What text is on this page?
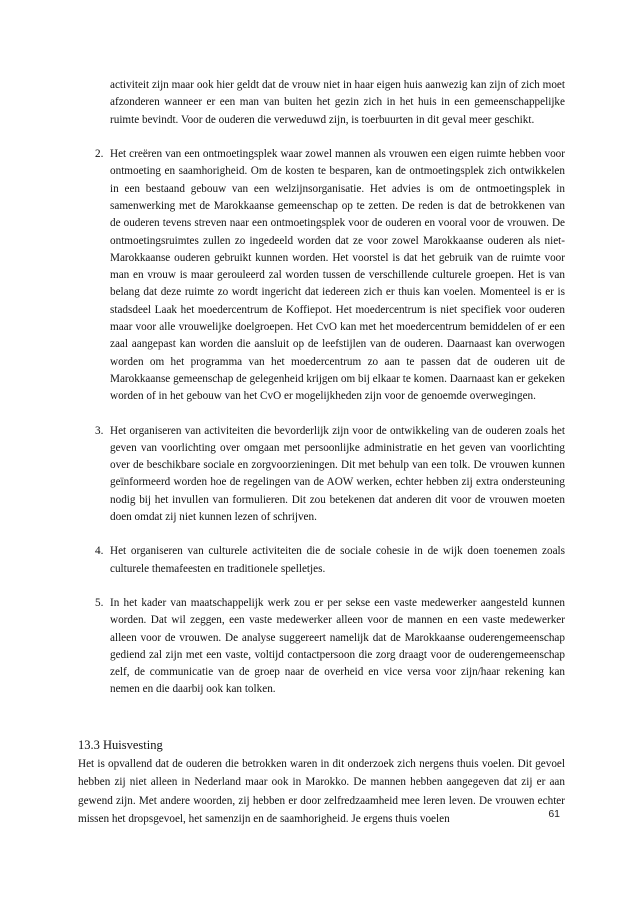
activiteit zijn maar ook hier geldt dat de vrouw niet in haar eigen huis aanwezig kan zijn of zich moet afzonderen wanneer er een man van buiten het gezin zich in het huis in een gemeenschappelijke ruimte bevindt. Voor de ouderen die verweduwd zijn, is toerbuurten in dit geval meer geschikt.

2. Het creëren van een ontmoetingsplek waar zowel mannen als vrouwen een eigen ruimte hebben voor ontmoeting en saamhorigheid. Om de kosten te besparen, kan de ontmoetingsplek zich ontwikkelen in een bestaand gebouw van een welzijnsorganisatie. Het advies is om de ontmoetingsplek in samenwerking met de Marokkaanse gemeenschap op te zetten. De reden is dat de betrokkenen van de ouderen tevens streven naar een ontmoetingsplek voor de ouderen en vooral voor de vrouwen. De ontmoetingsruimtes zullen zo ingedeeld worden dat ze voor zowel Marokkaanse ouderen als niet-Marokkaanse ouderen gebruikt kunnen worden. Het voorstel is dat het gebruik van de ruimte voor man en vrouw is maar gerouleerd zal worden tussen de verschillende culturele groepen. Het is van belang dat deze ruimte zo wordt ingericht dat iedereen zich er thuis kan voelen. Momenteel is er is stadsdeel Laak het moedercentrum de Koffiepot. Het moedercentrum is niet specifiek voor ouderen maar voor alle vrouwelijke doelgroepen. Het CvO kan met het moedercentrum bemiddelen of er een zaal aangepast kan worden die aansluit op de leefstijlen van de ouderen. Daarnaast kan overwogen worden om het programma van het moedercentrum zo aan te passen dat de ouderen uit de Marokkaanse gemeenschap de gelegenheid krijgen om bij elkaar te komen. Daarnaast kan er gekeken worden of in het gebouw van het CvO er mogelijkheden zijn voor de genoemde overwegingen.
3. Het organiseren van activiteiten die bevorderlijk zijn voor de ontwikkeling van de ouderen zoals het geven van voorlichting over omgaan met persoonlijke administratie en het geven van voorlichting over de beschikbare sociale en zorgvoorzieningen. Dit met behulp van een tolk. De vrouwen kunnen geïnformeerd worden hoe de regelingen van de AOW werken, echter hebben zij extra ondersteuning nodig bij het invullen van formulieren. Dit zou betekenen dat anderen dit voor de vrouwen moeten doen omdat zij niet kunnen lezen of schrijven.
4. Het organiseren van culturele activiteiten die de sociale cohesie in de wijk doen toenemen zoals culturele themafeesten en traditionele spelletjes.
5. In het kader van maatschappelijk werk zou er per sekse een vaste medewerker aangesteld kunnen worden. Dat wil zeggen, een vaste medewerker alleen voor de mannen en een vaste medewerker alleen voor de vrouwen. De analyse suggereert namelijk dat de Marokkaanse ouderengemeenschap gediend zal zijn met een vaste, voltijd contactpersoon die zorg draagt voor de ouderengemeenschap zelf, de communicatie van de groep naar de overheid en vice versa voor zijn/haar rekening kan nemen en die daarbij ook kan tolken.
13.3 Huisvesting

Het is opvallend dat de ouderen die betrokken waren in dit onderzoek zich nergens thuis voelen. Dit gevoel hebben zij niet alleen in Nederland maar ook in Marokko. De mannen hebben aangegeven dat zij er aan gewend zijn. Met andere woorden, zij hebben er door zelfredzaamheid mee leren leven. De vrouwen echter missen het dropsgevoel, het samenzijn en de saamhorigheid. Je ergens thuis voelen	61
